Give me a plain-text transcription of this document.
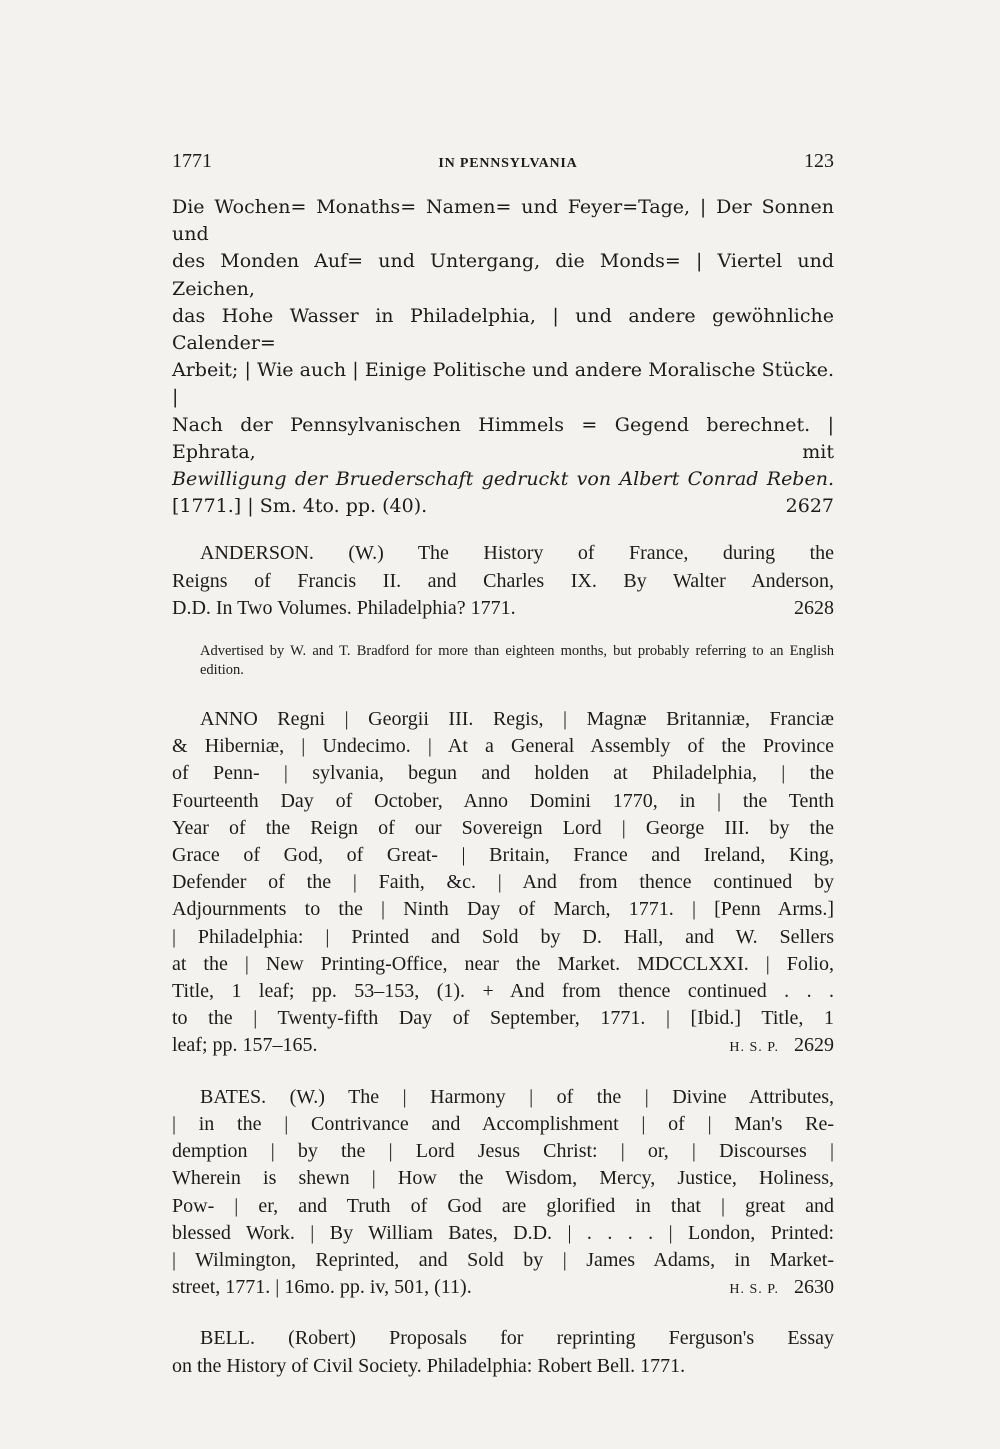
1771	IN PENNSYLVANIA	123
Die Wochen= Monaths= Namen= und Feyer=Tage, | Der Sonnen und
des Monden Auf= und Untergang, die Monds= | Viertel und Zeichen,
das Hohe Wasser in Philadelphia, | und andere gewöhnliche Calender=
Arbeit; | Wie auch | Einige Politische und andere Moralische Stücke. |
Nach der Pennsylvanischen Himmels = Gegend berechnet. | Ephrata, mit
Bewilligung der Bruederschaft gedruckt von Albert Conrad Reben.
[1771.] | Sm. 4to. pp. (40).	2627
ANDERSON. (W.) The History of France, during the
Reigns of Francis II. and Charles IX. By Walter Anderson,
D.D. In Two Volumes. Philadelphia? 1771.	2628

Advertised by W. and T. Bradford for more than eighteen months, but probably referring to an English edition.

ANNO Regni | Georgii III. Regis, | Magnæ Britanniæ, Franciæ
& Hiberniæ, | Undecimo. | At a General Assembly of the Province
of Penn- | sylvania, begun and holden at Philadelphia, | the
Fourteenth Day of October, Anno Domini 1770, in | the Tenth
Year of the Reign of our Sovereign Lord | George III. by the
Grace of God, of Great- | Britain, France and Ireland, King,
Defender of the | Faith, &c. | And from thence continued by
Adjournments to the | Ninth Day of March, 1771. | [Penn Arms.]
| Philadelphia: | Printed and Sold by D. Hall, and W. Sellers
at the | New Printing-Office, near the Market. MDCCLXXI. | Folio,
Title, 1 leaf; pp. 53–153, (1). + And from thence continued . . .
to the | Twenty-fifth Day of September, 1771. | [Ibid.] Title, 1
leaf; pp. 157–165.	H. S. P. 2629
BATES. (W.) The | Harmony | of the | Divine Attributes,
| in the | Contrivance and Accomplishment | of | Man's Re-
demption | by the | Lord Jesus Christ: | or, | Discourses |
Wherein is shewn | How the Wisdom, Mercy, Justice, Holiness,
Pow- | er, and Truth of God are glorified in that | great and
blessed Work. | By William Bates, D.D. | . . . . | London, Printed:
| Wilmington, Reprinted, and Sold by | James Adams, in Market-
street, 1771. | 16mo. pp. iv, 501, (11).	H. S. P. 2630
BELL. (Robert) Proposals for reprinting Ferguson's Essay
on the History of Civil Society. Philadelphia: Robert Bell. 1771.
